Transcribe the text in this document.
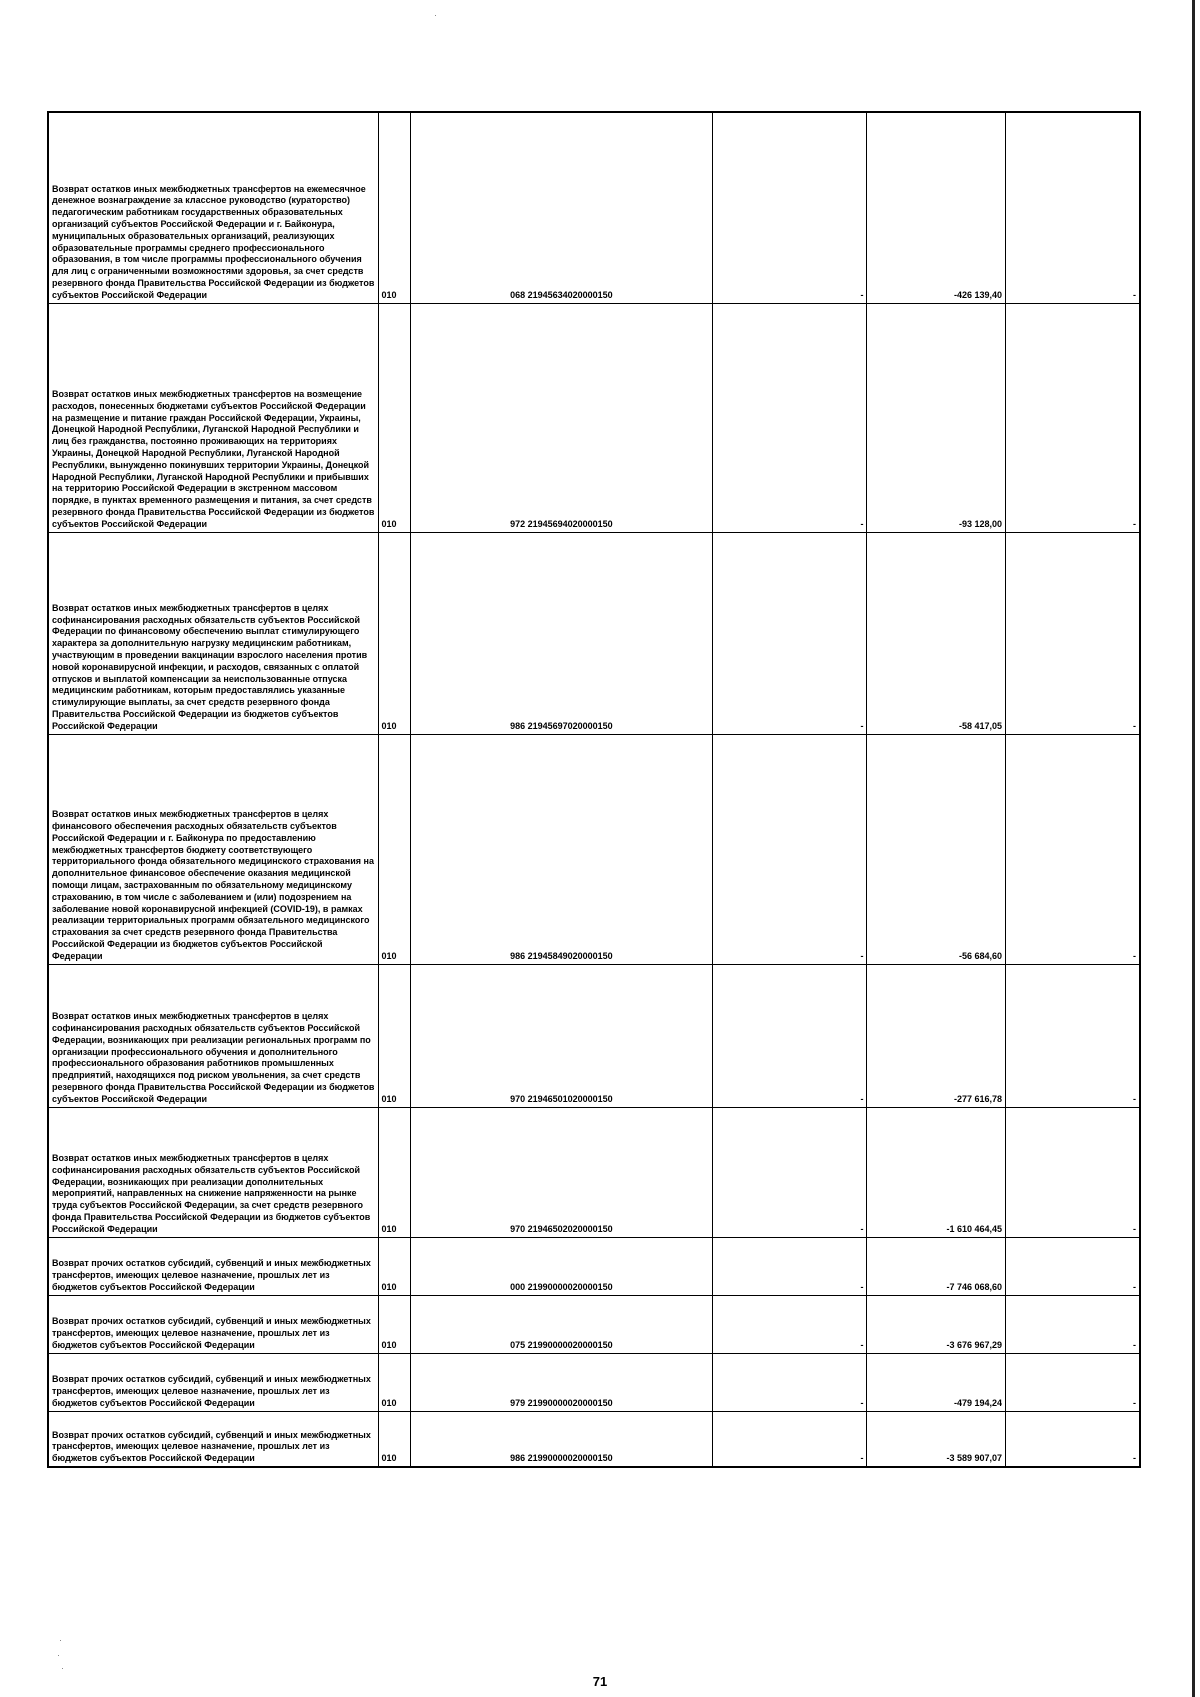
Возврат остатков иных межбюджетных трансфертов на ежемесячное денежное вознаграждение за классное руководство (кураторство) педагогическим работникам государственных образовательных организаций субъектов Российской Федерации и г. Байконура, муниципальных образовательных организаций, реализующих образовательные программы среднего профессионального образования, в том числе программы профессионального обучения для лиц с ограниченными возможностями здоровья, за счет средств резервного фонда Правительства Российской Федерации из бюджетов субъектов Российской Федерации	010	068 21945634020000150	-	-426 139,40	-
Возврат остатков иных межбюджетных трансфертов на возмещение расходов, понесенных бюджетами субъектов Российской Федерации на размещение и питание граждан Российской Федерации, Украины, Донецкой Народной Республики, Луганской Народной Республики и лиц без гражданства, постоянно проживающих на территориях Украины, Донецкой Народной Республики, Луганской Народной Республики, вынужденно покинувших территории Украины, Донецкой Народной Республики, Луганской Народной Республики и прибывших на территорию Российской Федерации в экстренном массовом порядке, в пунктах временного размещения и питания, за счет средств резервного фонда Правительства Российской Федерации из бюджетов субъектов Российской Федерации	010	972 21945694020000150	-	-93 128,00	-
Возврат остатков иных межбюджетных трансфертов в целях софинансирования расходных обязательств субъектов Российской Федерации по финансовому обеспечению выплат стимулирующего характера за дополнительную нагрузку медицинским работникам, участвующим в проведении вакцинации взрослого населения против новой коронавирусной инфекции, и расходов, связанных с оплатой отпусков и выплатой компенсации за неиспользованные отпуска медицинским работникам, которым предоставлялись указанные стимулирующие выплаты, за счет средств резервного фонда Правительства Российской Федерации из бюджетов субъектов Российской Федерации	010	986 21945697020000150	-	-58 417,05	-
Возврат остатков иных межбюджетных трансфертов в целях финансового обеспечения расходных обязательств субъектов Российской Федерации и г. Байконура по предоставлению межбюджетных трансфертов бюджету соответствующего территориального фонда обязательного медицинского страхования на дополнительное финансовое обеспечение оказания медицинской помощи лицам, застрахованным по обязательному медицинскому страхованию, в том числе с заболеванием и (или) подозрением на заболевание новой коронавирусной инфекцией (COVID-19), в рамках реализации территориальных программ обязательного медицинского страхования за счет средств резервного фонда Правительства Российской Федерации из бюджетов субъектов Российской Федерации	010	986 21945849020000150	-	-56 684,60	-
Возврат остатков иных межбюджетных трансфертов в целях софинансирования расходных обязательств субъектов Российской Федерации, возникающих при реализации региональных программ по организации профессионального обучения и дополнительного профессионального образования работников промышленных предприятий, находящихся под риском увольнения, за счет средств резервного фонда Правительства Российской Федерации из бюджетов субъектов Российской Федерации	010	970 21946501020000150	-	-277 616,78	-
Возврат остатков иных межбюджетных трансфертов в целях софинансирования расходных обязательств субъектов Российской Федерации, возникающих при реализации дополнительных мероприятий, направленных на снижение напряженности на рынке труда субъектов Российской Федерации, за счет средств резервного фонда Правительства Российской Федерации из бюджетов субъектов Российской Федерации	010	970 21946502020000150	-	-1 610 464,45	-
Возврат прочих остатков субсидий, субвенций и иных межбюджетных трансфертов, имеющих целевое назначение, прошлых лет из бюджетов субъектов Российской Федерации	010	000 21990000020000150	-	-7 746 068,60	-
Возврат прочих остатков субсидий, субвенций и иных межбюджетных трансфертов, имеющих целевое назначение, прошлых лет из бюджетов субъектов Российской Федерации	010	075 21990000020000150	-	-3 676 967,29	-
Возврат прочих остатков субсидий, субвенций и иных межбюджетных трансфертов, имеющих целевое назначение, прошлых лет из бюджетов субъектов Российской Федерации	010	979 21990000020000150	-	-479 194,24	-
Возврат прочих остатков субсидий, субвенций и иных межбюджетных трансфертов, имеющих целевое назначение, прошлых лет из бюджетов субъектов Российской Федерации	010	986 21990000020000150	-	-3 589 907,07	-
71
